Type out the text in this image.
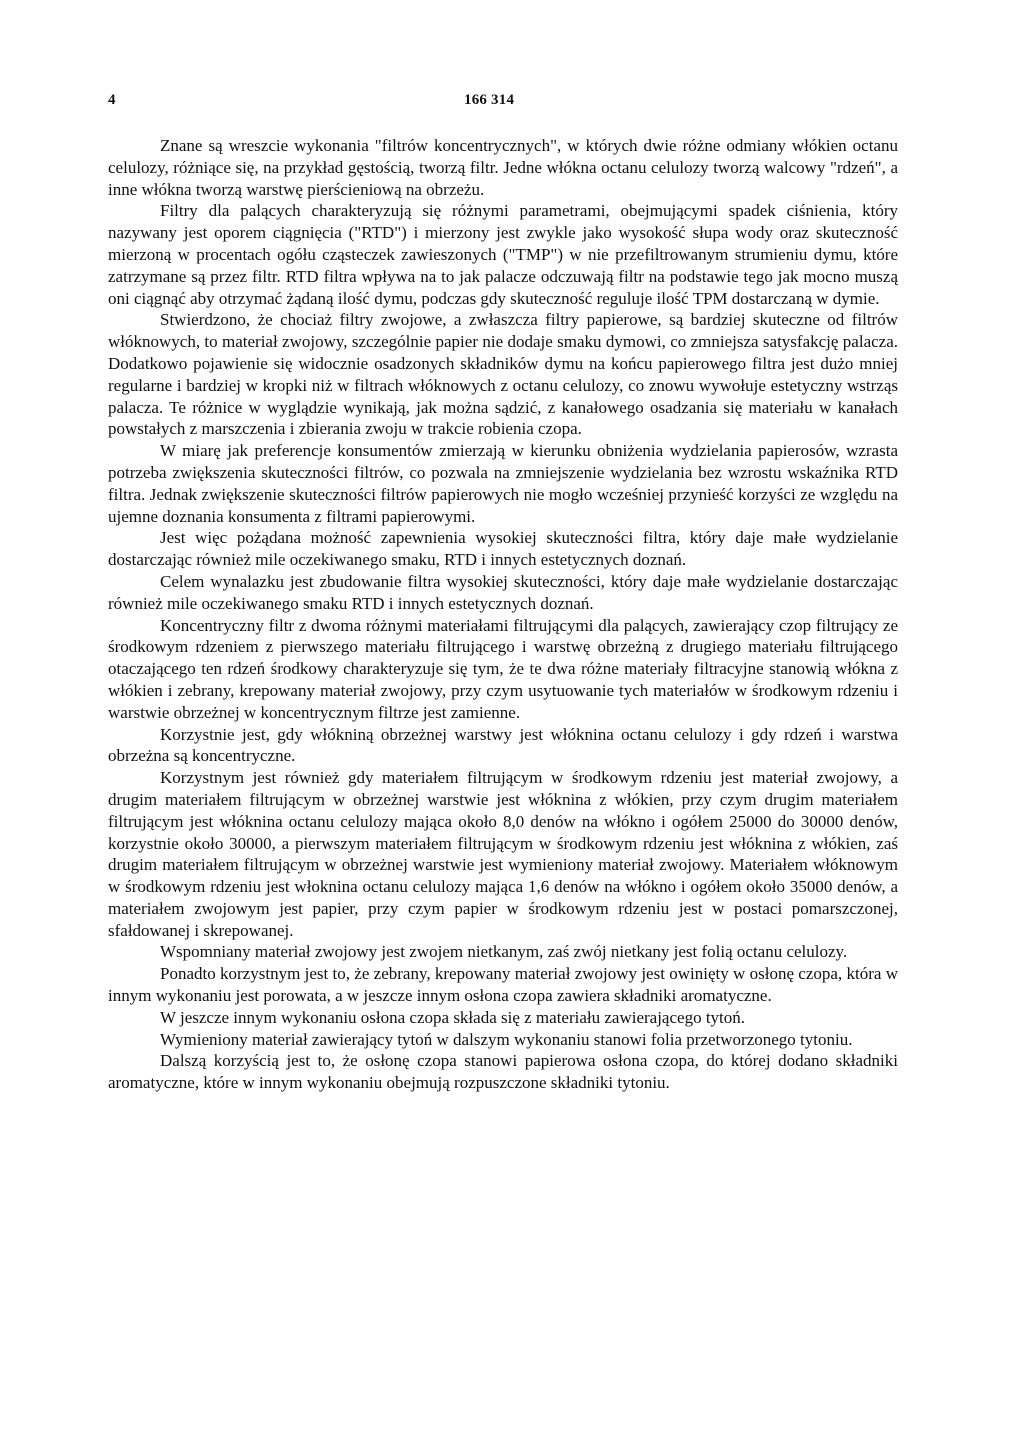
4	166 314

Znane są wreszcie wykonania "filtrów koncentrycznych", w których dwie różne odmiany włókien octanu celulozy, różniące się, na przykład gęstością, tworzą filtr. Jedne włókna octanu celulozy tworzą walcowy "rdzeń", a inne włókna tworzą warstwę pierścieniową na obrzeżu.

Filtry dla palących charakteryzują się różnymi parametrami, obejmującymi spadek ciśnienia, który nazywany jest oporem ciągnięcia ("RTD") i mierzony jest zwykle jako wysokość słupa wody oraz skuteczność mierzoną w procentach ogółu cząsteczek zawieszonych ("TMP") w nie przefiltrowanym strumieniu dymu, które zatrzymane są przez filtr. RTD filtra wpływa na to jak palacze odczuwają filtr na podstawie tego jak mocno muszą oni ciągnąć aby otrzymać żądaną ilość dymu, podczas gdy skuteczność reguluje ilość TPM dostarczaną w dymie.

Stwierdzono, że chociaż filtry zwojowe, a zwłaszcza filtry papierowe, są bardziej skuteczne od filtrów włóknowych, to materiał zwojowy, szczególnie papier nie dodaje smaku dymowi, co zmniejsza satysfakcję palacza. Dodatkowo pojawienie się widocznie osadzonych składników dymu na końcu papierowego filtra jest dużo mniej regularne i bardziej w kropki niż w filtrach włóknowych z octanu celulozy, co znowu wywołuje estetyczny wstrząs palacza. Te różnice w wyglądzie wynikają, jak można sądzić, z kanałowego osadzania się materiału w kanałach powstałych z marszczenia i zbierania zwoju w trakcie robienia czopa.

W miarę jak preferencje konsumentów zmierzają w kierunku obniżenia wydzielania papierosów, wzrasta potrzeba zwiększenia skuteczności filtrów, co pozwala na zmniejszenie wydzielania bez wzrostu wskaźnika RTD filtra. Jednak zwiększenie skuteczności filtrów papierowych nie mogło wcześniej przynieść korzyści ze względu na ujemne doznania konsumenta z filtrami papierowymi.

Jest więc pożądana możność zapewnienia wysokiej skuteczności filtra, który daje małe wydzielanie dostarczając również mile oczekiwanego smaku, RTD i innych estetycznych doznań.

Celem wynalazku jest zbudowanie filtra wysokiej skuteczności, który daje małe wydzielanie dostarczając również mile oczekiwanego smaku RTD i innych estetycznych doznań.

Koncentryczny filtr z dwoma różnymi materiałami filtrującymi dla palących, zawierający czop filtrujący ze środkowym rdzeniem z pierwszego materiału filtrującego i warstwę obrzeżną z drugiego materiału filtrującego otaczającego ten rdzeń środkowy charakteryzuje się tym, że te dwa różne materiały filtracyjne stanowią włókna z włókien i zebrany, krepowany materiał zwojowy, przy czym usytuowanie tych materiałów w środkowym rdzeniu i warstwie obrzeżnej w koncentrycznym filtrze jest zamienne.

Korzystnie jest, gdy włókniną obrzeżnej warstwy jest włóknina octanu celulozy i gdy rdzeń i warstwa obrzeżna są koncentryczne.

Korzystnym jest również gdy materiałem filtrującym w środkowym rdzeniu jest materiał zwojowy, a drugim materiałem filtrującym w obrzeżnej warstwie jest włóknina z włókien, przy czym drugim materiałem filtrującym jest włóknina octanu celulozy mająca około 8,0 denów na włókno i ogółem 25000 do 30000 denów, korzystnie około 30000, a pierwszym materiałem filtrującym w środkowym rdzeniu jest włóknina z włókien, zaś drugim materiałem filtrującym w obrzeżnej warstwie jest wymieniony materiał zwojowy. Materiałem włóknowym w środkowym rdzeniu jest włoknina octanu celulozy mająca 1,6 denów na włókno i ogółem około 35000 denów, a materiałem zwojowym jest papier, przy czym papier w środkowym rdzeniu jest w postaci pomarszczonej, sfałdowanej i skrepowanej.

Wspomniany materiał zwojowy jest zwojem nietkanym, zaś zwój nietkany jest folią octanu celulozy.

Ponadto korzystnym jest to, że zebrany, krepowany materiał zwojowy jest owinięty w osłonę czopa, która w innym wykonaniu jest porowata, a w jeszcze innym osłona czopa zawiera składniki aromatyczne.

W jeszcze innym wykonaniu osłona czopa składa się z materiału zawierającego tytoń.

Wymieniony materiał zawierający tytoń w dalszym wykonaniu stanowi folia przetworzonego tytoniu.

Dalszą korzyścią jest to, że osłonę czopa stanowi papierowa osłona czopa, do której dodano składniki aromatyczne, które w innym wykonaniu obejmują rozpuszczone składniki tytoniu.
